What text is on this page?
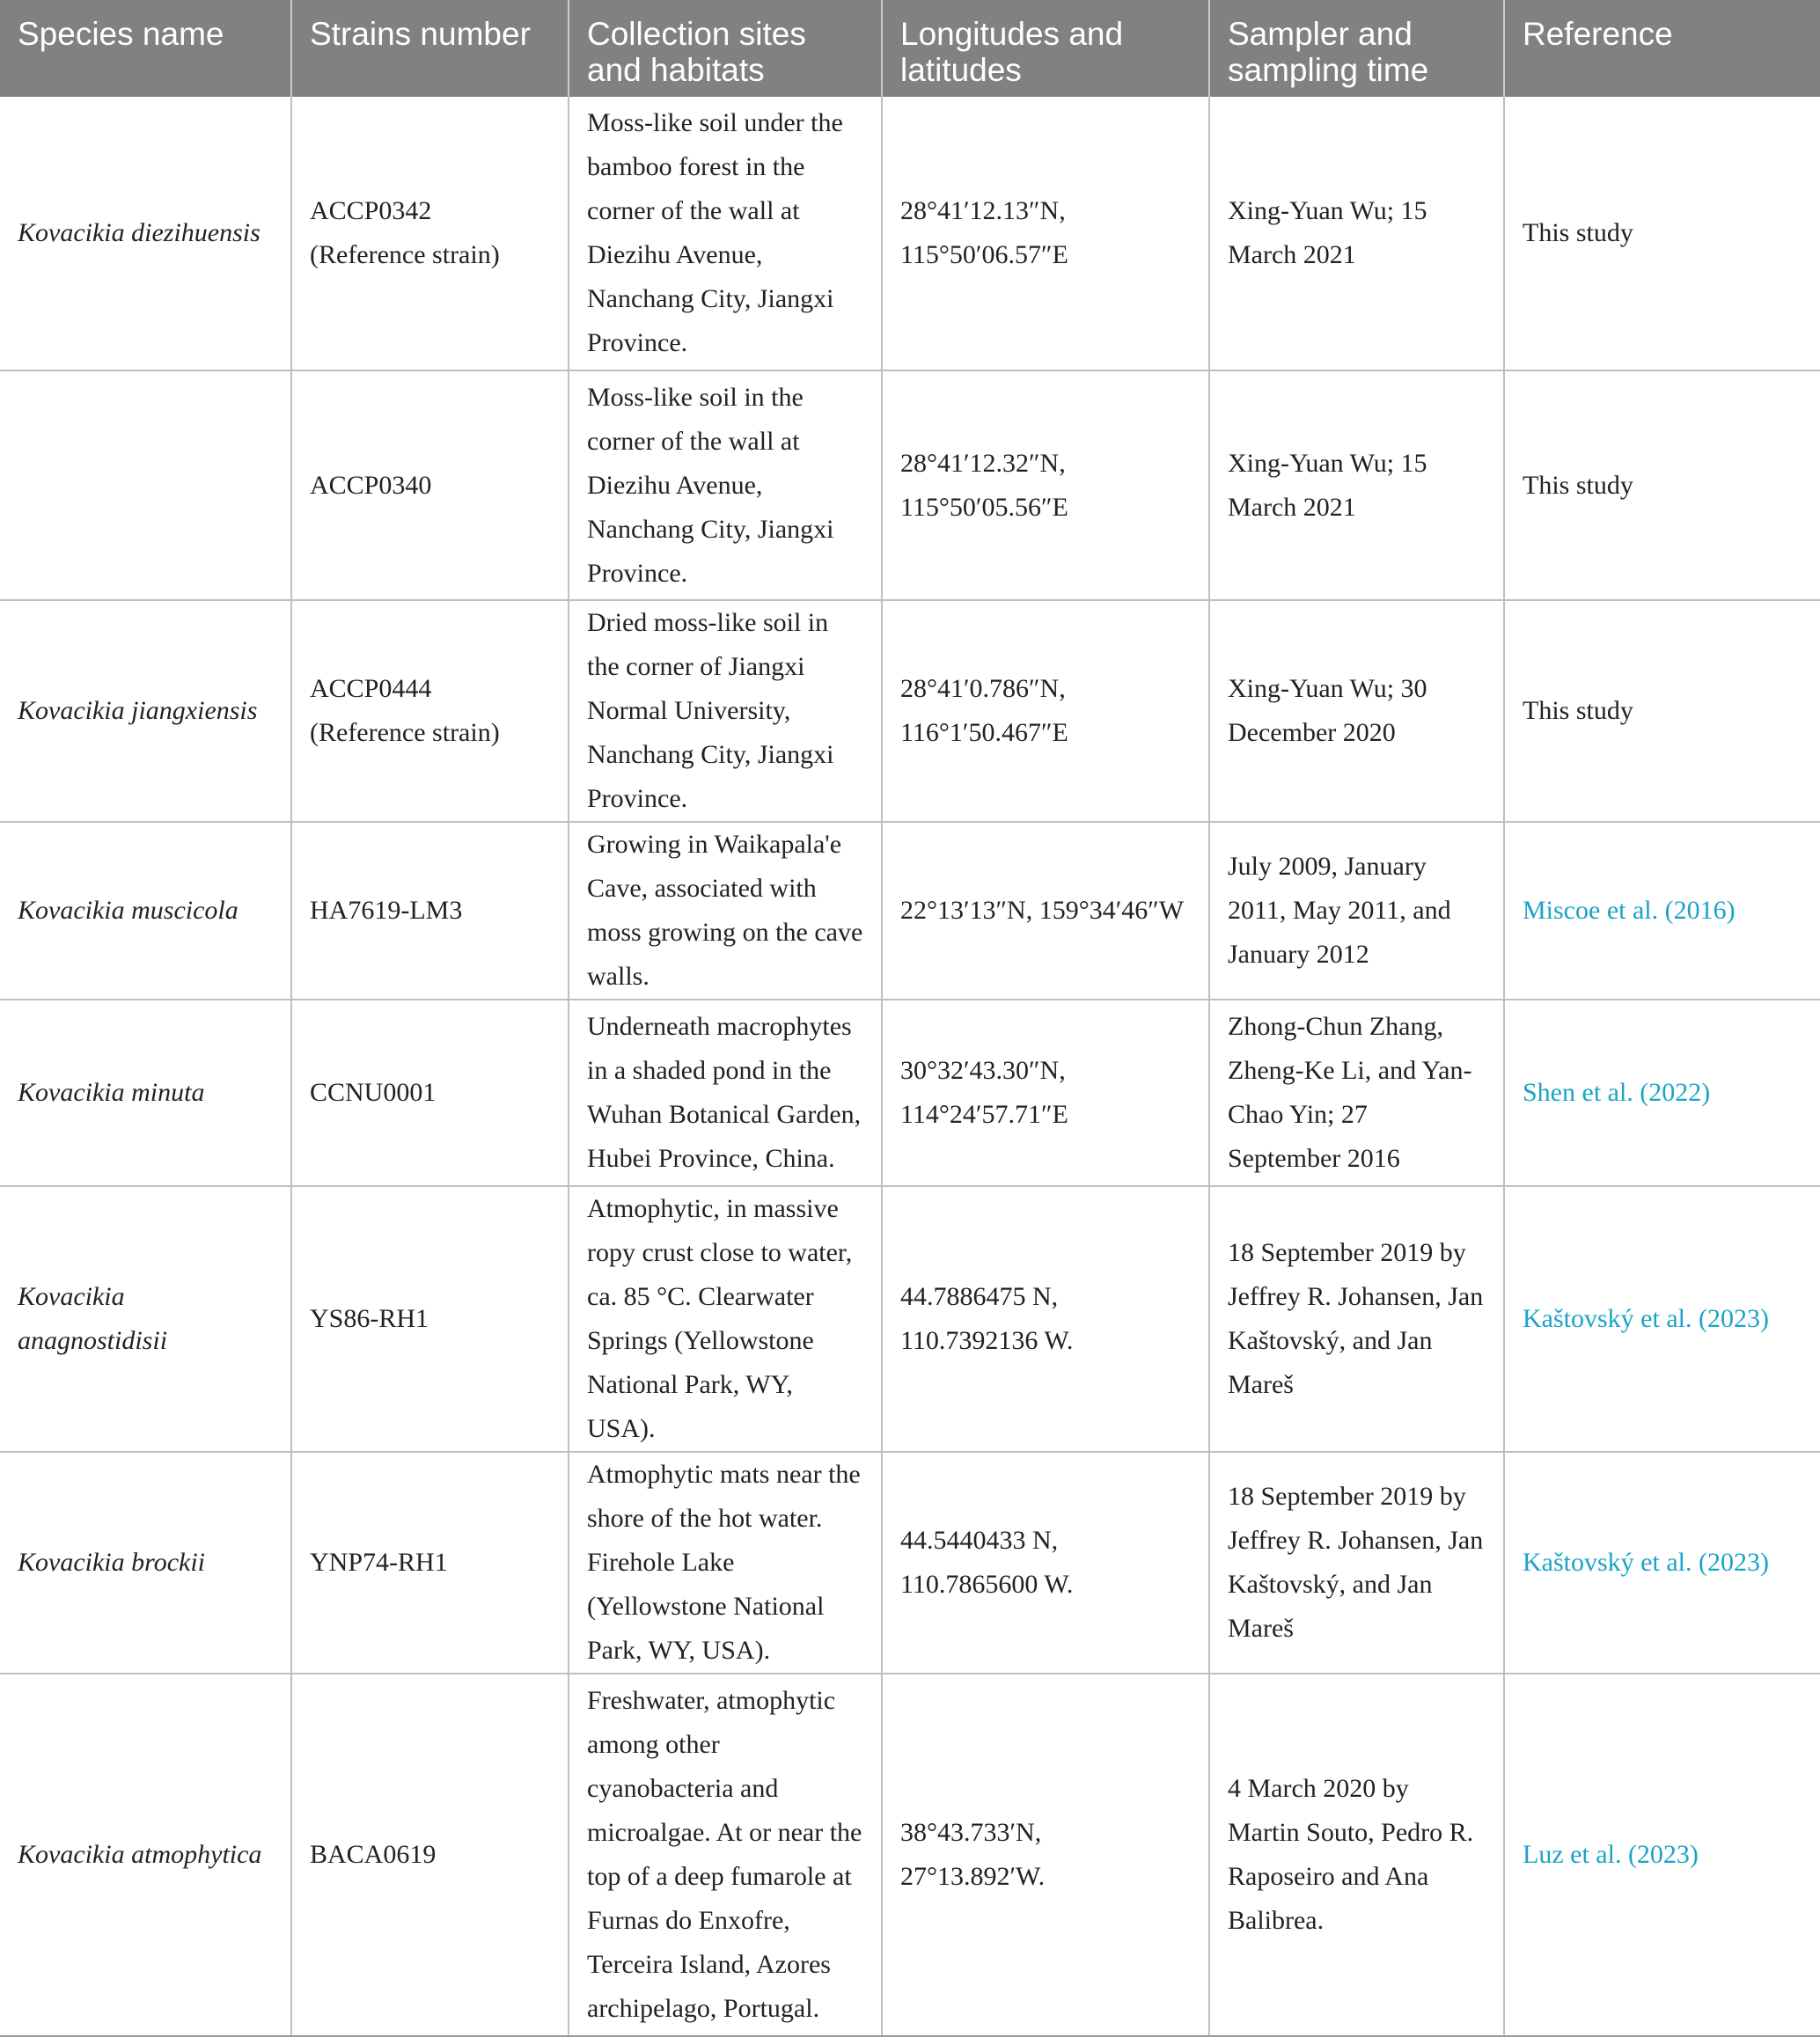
Species name	Strains number	Collection sites and habitats	Longitudes and latitudes	Sampler and sampling time	Reference
Kovacikia diezihuensis	ACCP0342 (Reference strain)	Moss-like soil under the bamboo forest in the corner of the wall at Diezihu Avenue, Nanchang City, Jiangxi Province.	28°41′12.13″N, 115°50′06.57″E	Xing-Yuan Wu; 15 March 2021	This study
	ACCP0340	Moss-like soil in the corner of the wall at Diezihu Avenue, Nanchang City, Jiangxi Province.	28°41′12.32″N, 115°50′05.56″E	Xing-Yuan Wu; 15 March 2021	This study
Kovacikia jiangxiensis	ACCP0444 (Reference strain)	Dried moss-like soil in the corner of Jiangxi Normal University, Nanchang City, Jiangxi Province.	28°41′0.786″N, 116°1′50.467″E	Xing-Yuan Wu; 30 December 2020	This study
Kovacikia muscicola	HA7619-LM3	Growing in Waikapala'e Cave, associated with moss growing on the cave walls.	22°13′13″N, 159°34′46″W	July 2009, January 2011, May 2011, and January 2012	Miscoe et al. (2016)
Kovacikia minuta	CCNU0001	Underneath macrophytes in a shaded pond in the Wuhan Botanical Garden, Hubei Province, China.	30°32′43.30″N, 114°24′57.71″E	Zhong-Chun Zhang, Zheng-Ke Li, and Yan-Chao Yin; 27 September 2016	Shen et al. (2022)
Kovacikia anagnostidisii	YS86-RH1	Atmophytic, in massive ropy crust close to water, ca. 85 °C. Clearwater Springs (Yellowstone National Park, WY, USA).	44.7886475 N, 110.7392136 W.	18 September 2019 by Jeffrey R. Johansen, Jan Kaštovský, and Jan Mareš	Kaštovský et al. (2023)
Kovacikia brockii	YNP74-RH1	Atmophytic mats near the shore of the hot water. Firehole Lake (Yellowstone National Park, WY, USA).	44.5440433 N, 110.7865600 W.	18 September 2019 by Jeffrey R. Johansen, Jan Kaštovský, and Jan Mareš	Kaštovský et al. (2023)
Kovacikia atmophytica	BACA0619	Freshwater, atmophytic among other cyanobacteria and microalgae. At or near the top of a deep fumarole at Furnas do Enxofre, Terceira Island, Azores archipelago, Portugal.	38°43.733′N, 27°13.892′W.	4 March 2020 by Martin Souto, Pedro R. Raposeiro and Ana Balibrea.	Luz et al. (2023)
